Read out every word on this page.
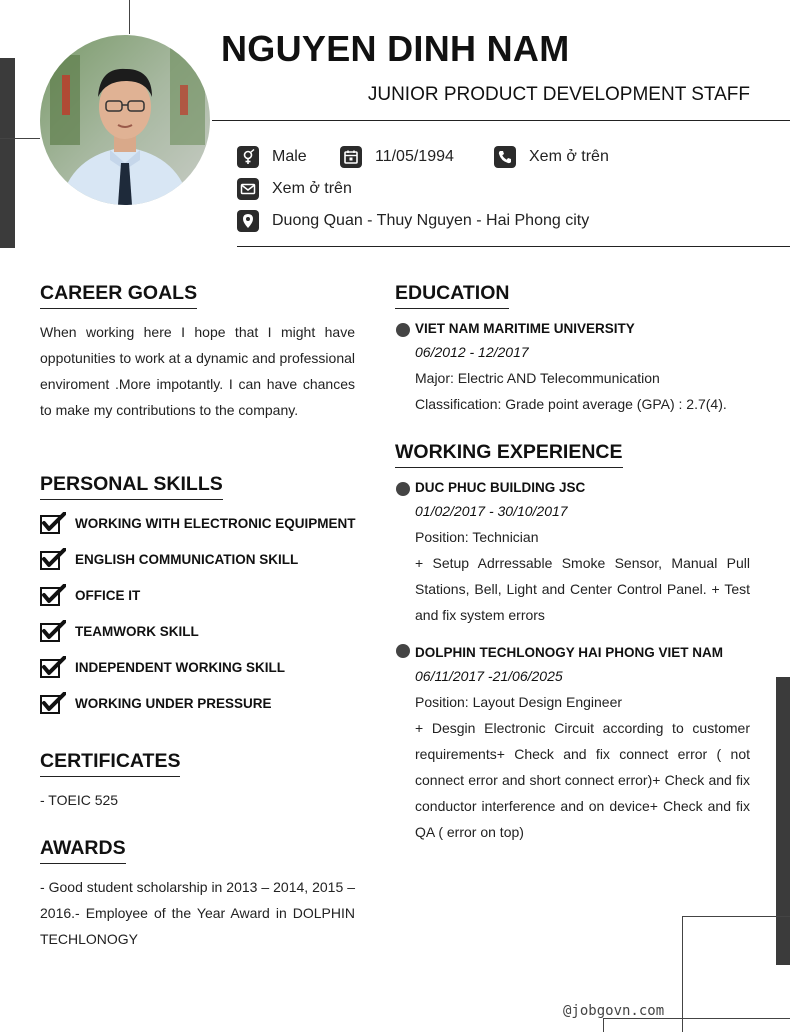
NGUYEN DINH NAM
JUNIOR PRODUCT DEVELOPMENT STAFF
Male	11/05/1994	Xem ở trên
Xem ở trên
Duong Quan - Thuy Nguyen - Hai Phong city
CAREER GOALS
When working here I hope that I might have oppotunities to work at a dynamic and professional enviroment .More impotantly. I can have chances to make my contributions to the company.
PERSONAL SKILLS
WORKING WITH ELECTRONIC EQUIPMENT
ENGLISH COMMUNICATION SKILL
OFFICE IT
TEAMWORK SKILL
INDEPENDENT WORKING SKILL
WORKING UNDER PRESSURE
CERTIFICATES
- TOEIC 525
AWARDS
- Good student scholarship in 2013 – 2014, 2015 – 2016.- Employee of the Year Award in DOLPHIN TECHLONOGY
EDUCATION
VIET NAM MARITIME UNIVERSITY
06/2012 - 12/2017
Major: Electric AND Telecommunication
Classification: Grade point average (GPA) : 2.7(4).
WORKING EXPERIENCE
DUC PHUC BUILDING JSC
01/02/2017 - 30/10/2017
Position: Technician
+ Setup Adrressable Smoke Sensor, Manual Pull Stations, Bell, Light and Center Control Panel. + Test and fix system errors
DOLPHIN TECHLONOGY HAI PHONG VIET NAM
06/11/2017 -21/06/2025
Position: Layout Design Engineer
+ Desgin Electronic Circuit according to customer requirements+ Check and fix connect error ( not connect error and short connect error)+ Check and fix conductor interference and on device+ Check and fix QA ( error on top)
@jobgovn.com
